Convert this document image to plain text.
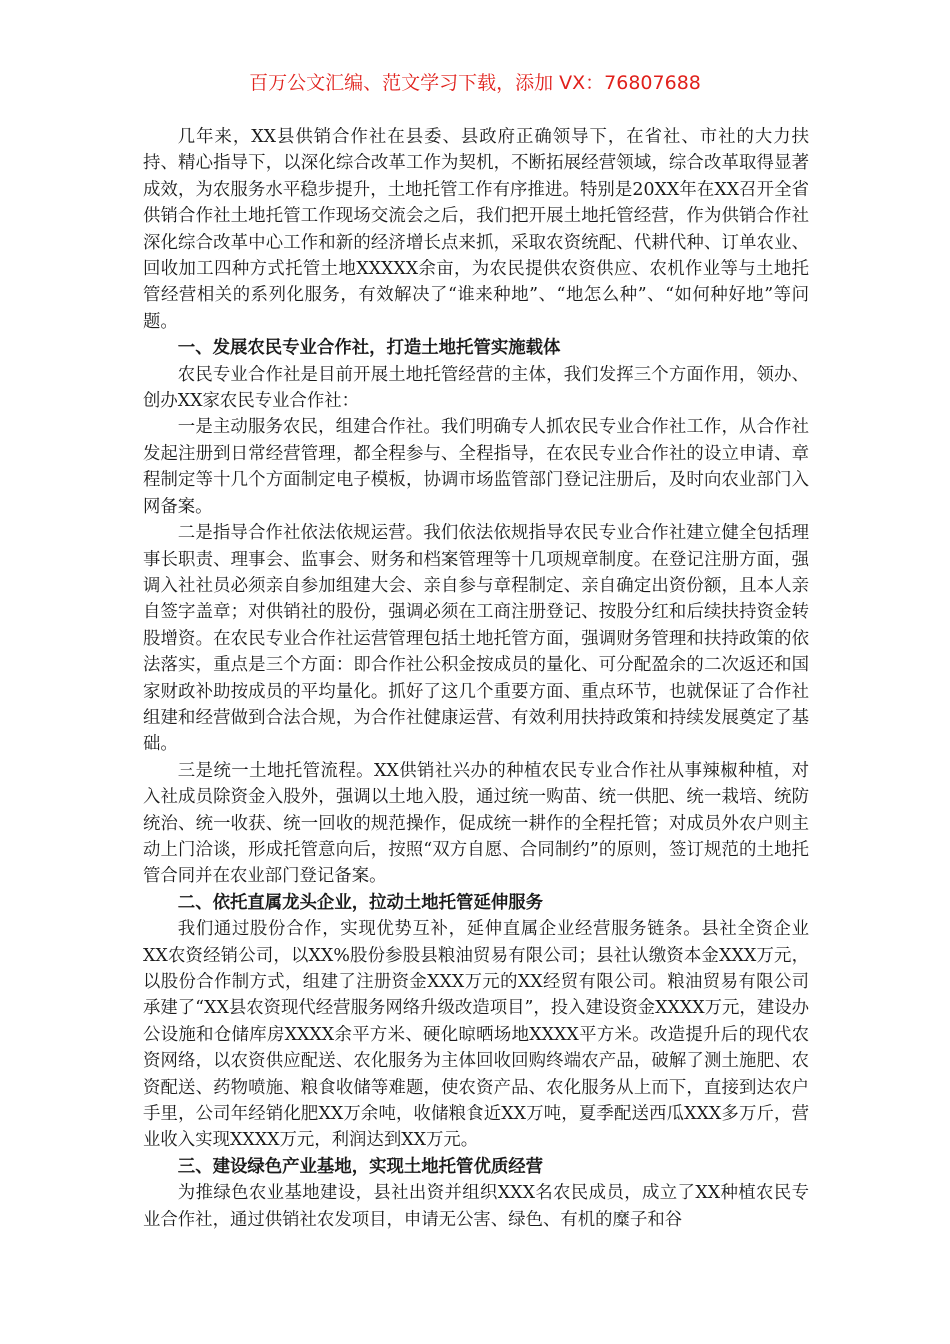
百万公文汇编、范文学习下载，添加 VX：76807688

几年来，XX县供销合作社在县委、县政府正确领导下，在省社、市社的大力扶持、精心指导下，以深化综合改革工作为契机，不断拓展经营领域，综合改革取得显著成效，为农服务水平稳步提升，土地托管工作有序推进。特别是20XX年在XX召开全省供销合作社土地托管工作现场交流会之后，我们把开展土地托管经营，作为供销合作社深化综合改革中心工作和新的经济增长点来抓，采取农资统配、代耕代种、订单农业、回收加工四种方式托管土地XXXXX余亩，为农民提供农资供应、农机作业等与土地托管经营相关的系列化服务，有效解决了“谁来种地”、“地怎么种”、“如何种好地”等问题。

一、发展农民专业合作社，打造土地托管实施载体

农民专业合作社是目前开展土地托管经营的主体，我们发挥三个方面作用，领办、创办XX家农民专业合作社：

一是主动服务农民，组建合作社。我们明确专人抓农民专业合作社工作，从合作社发起注册到日常经营管理，都全程参与、全程指导，在农民专业合作社的设立申请、章程制定等十几个方面制定电子模板，协调市场监管部门登记注册后，及时向农业部门入网备案。

二是指导合作社依法依规运营。我们依法依规指导农民专业合作社建立健全包括理事长职责、理事会、监事会、财务和档案管理等十几项规章制度。在登记注册方面，强调入社社员必须亲自参加组建大会、亲自参与章程制定、亲自确定出资份额，且本人亲自签字盖章；对供销社的股份，强调必须在工商注册登记、按股分红和后续扶持资金转股增资。在农民专业合作社运营管理包括土地托管方面，强调财务管理和扶持政策的依法落实，重点是三个方面：即合作社公积金按成员的量化、可分配盈余的二次返还和国家财政补助按成员的平均量化。抓好了这几个重要方面、重点环节，也就保证了合作社组建和经营做到合法合规，为合作社健康运营、有效利用扶持政策和持续发展奠定了基础。

三是统一土地托管流程。XX供销社兴办的种植农民专业合作社从事辣椒种植，对入社成员除资金入股外，强调以土地入股，通过统一购苗、统一供肥、统一栽培、统防统治、统一收获、统一回收的规范操作，促成统一耕作的全程托管；对成员外农户则主动上门洽谈，形成托管意向后，按照“双方自愿、合同制约”的原则，签订规范的土地托管合同并在农业部门登记备案。

二、依托直属龙头企业，拉动土地托管延伸服务

我们通过股份合作，实现优势互补，延伸直属企业经营服务链条。县社全资企业XX农资经销公司，以XX%股份参股县粮油贸易有限公司；县社认缴资本金XXX万元，以股份合作制方式，组建了注册资金XXX万元的XX经贸有限公司。粮油贸易有限公司承建了“XX县农资现代经营服务网络升级改造项目”，投入建设资金XXXX万元，建设办公设施和仓储库房XXXX余平方米、硬化晾晒场地XXXX平方米。改造提升后的现代农资网络，以农资供应配送、农化服务为主体回收回购终端农产品，破解了测土施肥、农资配送、药物喷施、粮食收储等难题，使农资产品、农化服务从上而下，直接到达农户手里，公司年经销化肥XX万余吨，收储粮食近XX万吨，夏季配送西瓜XXX多万斤，营业收入实现XXXX万元，利润达到XX万元。

三、建设绿色产业基地，实现土地托管优质经营

为推绿色农业基地建设，县社出资并组织XXX名农民成员，成立了XX种植农民专业合作社，通过供销社农发项目，申请无公害、绿色、有机的糜子和谷
